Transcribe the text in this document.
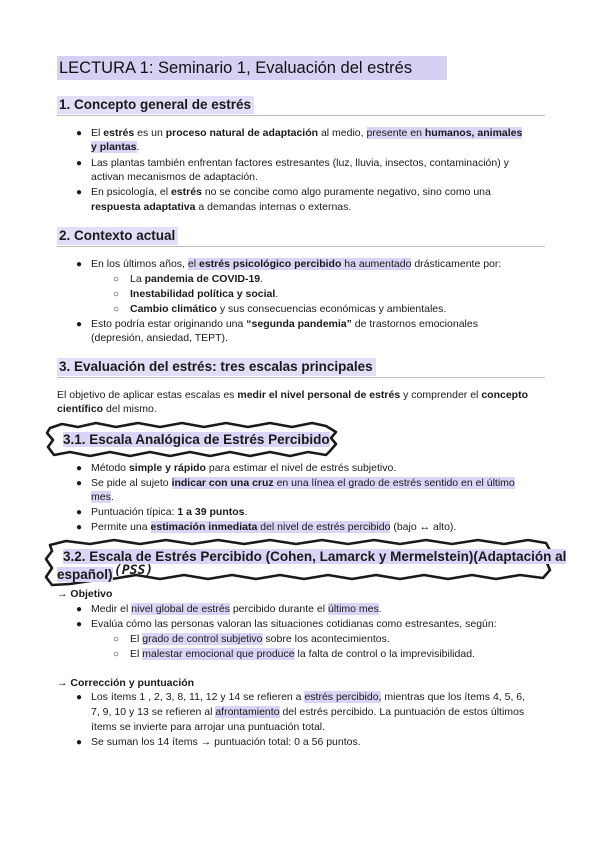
LECTURA 1: Seminario 1, Evaluación del estrés
1. Concepto general de estrés
● El estrés es un proceso natural de adaptación al medio, presente en humanos, animales
y plantas.
● Las plantas también enfrentan factores estresantes (luz, lluvia, insectos, contaminación) y
activan mecanismos de adaptación.
● En psicología, el estrés no se concibe como algo puramente negativo, sino como una
respuesta adaptativa a demandas internas o externas.
2. Contexto actual
● En los últimos años, el estrés psicológico percibido ha aumentado drásticamente por:
○ La pandemia de COVID-19.
○ Inestabilidad política y social.
○ Cambio climático y sus consecuencias económicas y ambientales.
● Esto podría estar originando una “segunda pandemia” de trastornos emocionales
(depresión, ansiedad, TEPT).
3. Evaluación del estrés: tres escalas principales
El objetivo de aplicar estas escalas es medir el nivel personal de estrés y comprender el concepto
científico del mismo.
3.1. Escala Analógica de Estrés Percibido
● Método simple y rápido para estimar el nivel de estrés subjetivo.
● Se pide al sujeto indicar con una cruz en una línea el grado de estrés sentido en el último
mes.
● Puntuación típica: 1 a 39 puntos.
● Permite una estimación inmediata del nivel de estrés percibido (bajo ↔ alto).
3.2. Escala de Estrés Percibido (Cohen, Lamarck y Mermelstein)(Adaptación al
español) (PSS)
→ Objetivo
● Medir el nivel global de estrés percibido durante el último mes.
● Evalúa cómo las personas valoran las situaciones cotidianas como estresantes, según:
○ El grado de control subjetivo sobre los acontecimientos.
○ El malestar emocional que produce la falta de control o la imprevisibilidad.
→ Corrección y puntuación
● Los ítems 1 , 2, 3, 8, 11, 12 y 14 se refieren a estrés percibido, mientras que los ítems 4, 5, 6,
7, 9, 10 y 13 se refieren al afrontamiento del estrés percibido. La puntuación de estos últimos
ítems se invierte para arrojar una puntuación total.
● Se suman los 14 ítems → puntuación total: 0 a 56 puntos.
